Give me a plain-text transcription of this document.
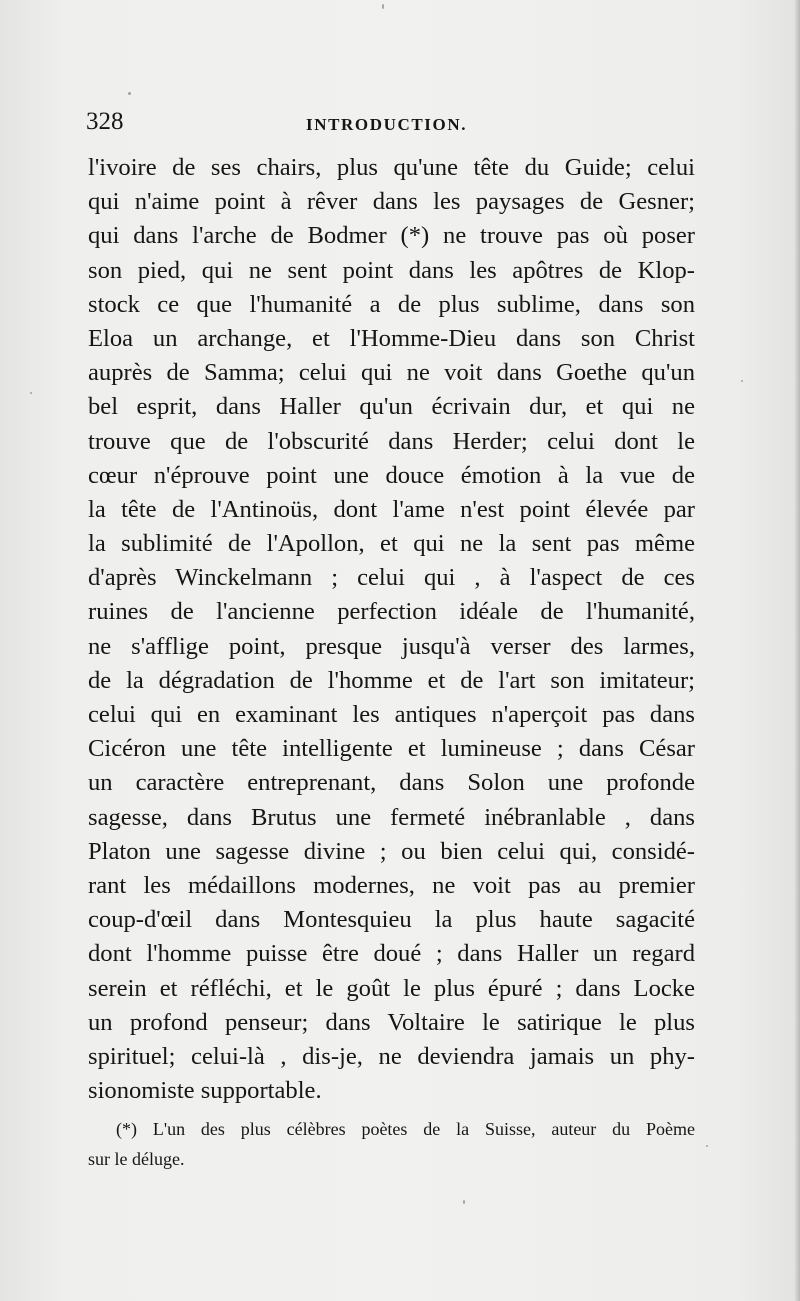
328	INTRODUCTION.
l'ivoire de ses chairs, plus qu'une tête du Guide; celui
qui n'aime point à rêver dans les paysages de Gesner;
qui dans l'arche de Bodmer (*) ne trouve pas où poser
son pied, qui ne sent point dans les apôtres de Klop-
stock ce que l'humanité a de plus sublime, dans son
Eloa un archange, et l'Homme-Dieu dans son Christ
auprès de Samma; celui qui ne voit dans Goethe qu'un
bel esprit, dans Haller qu'un écrivain dur, et qui ne
trouve que de l'obscurité dans Herder; celui dont le
cœur n'éprouve point une douce émotion à la vue de
la tête de l'Antinoüs, dont l'ame n'est point élevée par
la sublimité de l'Apollon, et qui ne la sent pas même
d'après Winckelmann ; celui qui , à l'aspect de ces
ruines de l'ancienne perfection idéale de l'humanité,
ne s'afflige point, presque jusqu'à verser des larmes,
de la dégradation de l'homme et de l'art son imitateur;
celui qui en examinant les antiques n'aperçoit pas dans
Cicéron une tête intelligente et lumineuse ; dans César
un caractère entreprenant, dans Solon une profonde
sagesse, dans Brutus une fermeté inébranlable , dans
Platon une sagesse divine ; ou bien celui qui, considé-
rant les médaillons modernes, ne voit pas au premier
coup-d'œil dans Montesquieu la plus haute sagacité
dont l'homme puisse être doué ; dans Haller un regard
serein et réfléchi, et le goût le plus épuré ; dans Locke
un profond penseur; dans Voltaire le satirique le plus
spirituel; celui-là , dis-je, ne deviendra jamais un phy-
sionomiste supportable.
(*) L'un des plus célèbres poètes de la Suisse, auteur du Poème
sur le déluge.
